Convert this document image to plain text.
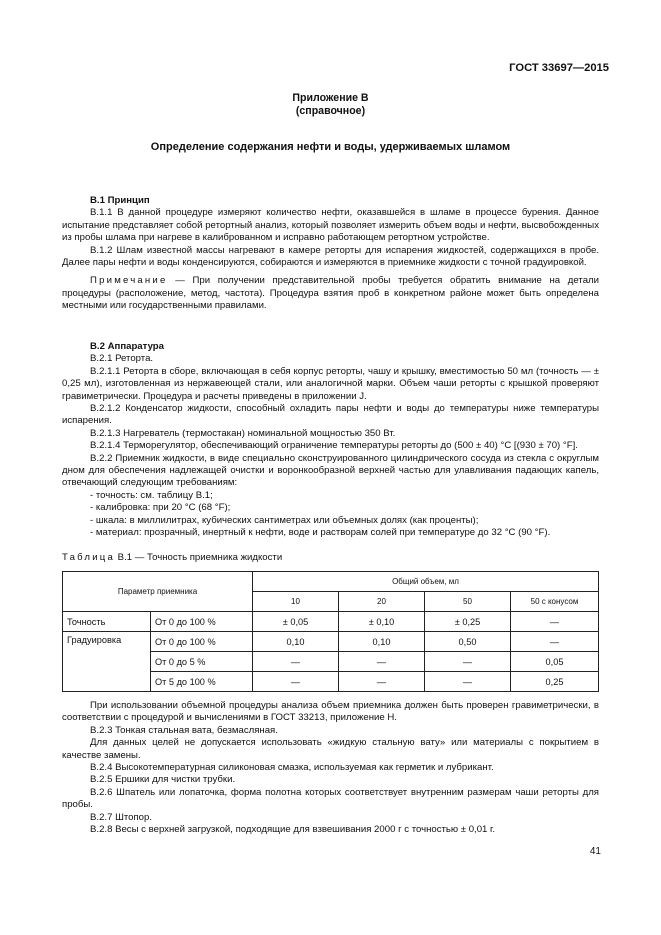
ГОСТ 33697—2015
Приложение В
(справочное)
Определение содержания нефти и воды, удерживаемых шламом

В.1 Принцип

В.1.1 В данной процедуре измеряют количество нефти, оказавшейся в шламе в процессе бурения. Данное испытание представляет собой ретортный анализ, который позволяет измерить объем воды и нефти, высвобожденных из пробы шлама при нагреве в калиброванном и исправно работающем ретортном устройстве.

В.1.2 Шлам известной массы нагревают в камере реторты для испарения жидкостей, содержащихся в пробе. Далее пары нефти и воды конденсируются, собираются и измеряются в приемнике жидкости с точной градуировкой.

Примечание — При получении представительной пробы требуется обратить внимание на детали процедуры (расположение, метод, частота). Процедура взятия проб в конкретном районе может быть определена местными или государственными правилами.

В.2 Аппаратура

В.2.1 Реторта.

В.2.1.1 Реторта в сборе, включающая в себя корпус реторты, чашу и крышку, вместимостью 50 мл (точность — ± 0,25 мл), изготовленная из нержавеющей стали, или аналогичной марки. Объем чаши реторты с крышкой проверяют гравиметрически. Процедура и расчеты приведены в приложении J.

В.2.1.2 Конденсатор жидкости, способный охладить пары нефти и воды до температуры ниже температуры испарения.

В.2.1.3 Нагреватель (термостакан) номинальной мощностью 350 Вт.

В.2.1.4 Терморегулятор, обеспечивающий ограничение температуры реторты до (500 ± 40) °C [(930 ± 70) °F].

В.2.2 Приемник жидкости, в виде специально сконструированного цилиндрического сосуда из стекла с округлым дном для обеспечения надлежащей очистки и воронкообразной верхней частью для улавливания падающих капель, отвечающий следующим требованиям:

- точность: см. таблицу В.1;

- калибровка: при 20 °C (68 °F);

- шкала: в миллилитрах, кубических сантиметрах или объемных долях (как проценты);

- материал: прозрачный, инертный к нефти, воде и растворам солей при температуре до 32 °C (90 °F).

Таблица В.1 — Точность приемника жидкости
Параметр приемника		Общий объем, мл			
		10	20	50	50 с конусом
Точность	От 0 до 100 %	± 0,05	± 0,10	± 0,25	—
Градуировка	От 0 до 100 %	0,10	0,10	0,50	—
	От 0 до 5 %	—	—	—	0,05
	От 5 до 100 %	—	—	—	0,25

При использовании объемной процедуры анализа объем приемника должен быть проверен гравиметрически, в соответствии с процедурой и вычислениями в ГОСТ 33213, приложение Н.

В.2.3 Тонкая стальная вата, безмасляная.

Для данных целей не допускается использовать «жидкую стальную вату» или материалы с покрытием в качестве замены.

В.2.4 Высокотемпературная силиконовая смазка, используемая как герметик и лубрикант.

В.2.5 Ершики для чистки трубки.

В.2.6 Шпатель или лопаточка, форма полотна которых соответствует внутренним размерам чаши реторты для пробы.

В.2.7 Штопор.

В.2.8 Весы с верхней загрузкой, подходящие для взвешивания 2000 г с точностью ± 0,01 г.

41
